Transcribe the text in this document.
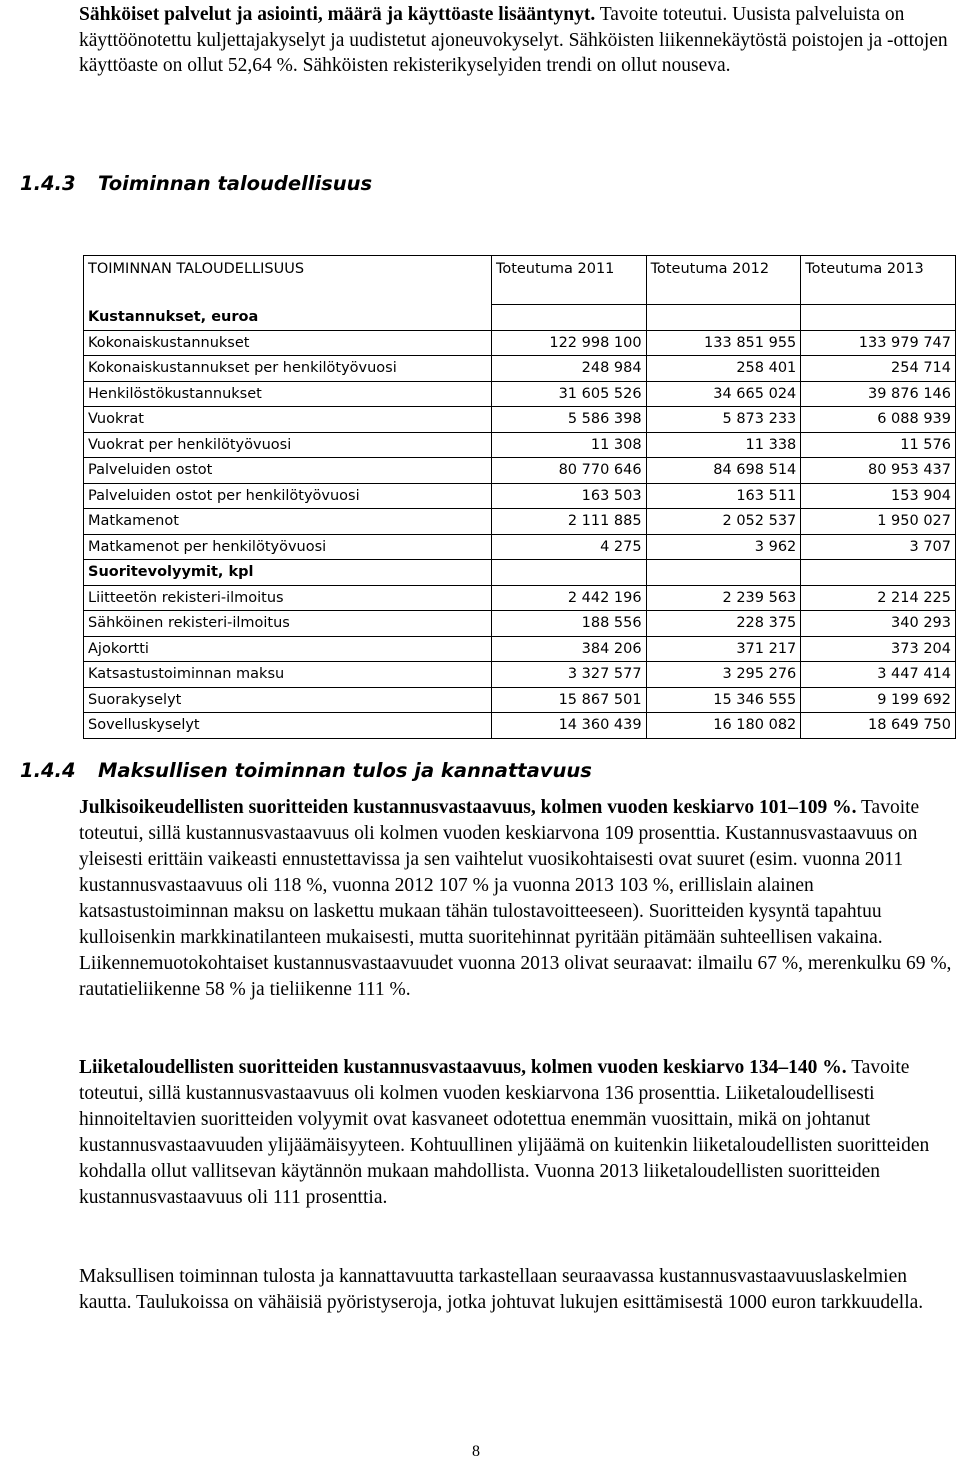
Sähköiset palvelut ja asiointi, määrä ja käyttöaste lisääntynyt. Tavoite toteutui. Uusista palveluista on käyttöönotettu kuljettajakyselyt ja uudistetut ajoneuvokyselyt. Sähköisten liikennekäytöstä poistojen ja -ottojen käyttöaste on ollut 52,64 %. Sähköisten rekisterikyselyiden trendi on ollut nouseva.
1.4.3 Toiminnan taloudellisuus
TOIMINNAN TALOUDELLISUUS	Toteutuma 2011	Toteutuma 2012	Toteutuma 2013
Kustannukset, euroa			
Kokonaiskustannukset	122 998 100	133 851 955	133 979 747
Kokonaiskustannukset per henkilötyövuosi	248 984	258 401	254 714
Henkilöstökustannukset	31 605 526	34 665 024	39 876 146
Vuokrat	5 586 398	5 873 233	6 088 939
Vuokrat per henkilötyövuosi	11 308	11 338	11 576
Palveluiden ostot	80 770 646	84 698 514	80 953 437
Palveluiden ostot per henkilötyövuosi	163 503	163 511	153 904
Matkamenot	2 111 885	2 052 537	1 950 027
Matkamenot per henkilötyövuosi	4 275	3 962	3 707
Suoritevolyymit, kpl			
Liitteetön rekisteri-ilmoitus	2 442 196	2 239 563	2 214 225
Sähköinen rekisteri-ilmoitus	188 556	228 375	340 293
Ajokortti	384 206	371 217	373 204
Katsastustoiminnan maksu	3 327 577	3 295 276	3 447 414
Suorakyselyt	15 867 501	15 346 555	9 199 692
Sovelluskyselyt	14 360 439	16 180 082	18 649 750
1.4.4 Maksullisen toiminnan tulos ja kannattavuus
Julkisoikeudellisten suoritteiden kustannusvastaavuus, kolmen vuoden keskiarvo 101–109 %. Tavoite toteutui, sillä kustannusvastaavuus oli kolmen vuoden keskiarvona 109 prosenttia. Kustannusvastaavuus on yleisesti erittäin vaikeasti ennustettavissa ja sen vaihtelut vuosikohtaisesti ovat suuret (esim. vuonna 2011 kustannusvastaavuus oli 118 %, vuonna 2012 107 % ja vuonna 2013 103 %, erillislain alainen katsastustoiminnan maksu on laskettu mukaan tähän tulostavoitteeseen). Suoritteiden kysyntä tapahtuu kulloisenkin markkinatilanteen mukaisesti, mutta suoritehinnat pyritään pitämään suhteellisen vakaina. Liikennemuotokohtaiset kustannusvastaavuudet vuonna 2013 olivat seuraavat: ilmailu 67 %, merenkulku 69 %, rautatieliikenne 58 % ja tieliikenne 111 %.
Liiketaloudellisten suoritteiden kustannusvastaavuus, kolmen vuoden keskiarvo 134–140 %. Tavoite toteutui, sillä kustannusvastaavuus oli kolmen vuoden keskiarvona 136 prosenttia. Liiketaloudellisesti hinnoiteltavien suoritteiden volyymit ovat kasvaneet odotettua enemmän vuosittain, mikä on johtanut kustannusvastaavuuden ylijäämäisyyteen. Kohtuullinen ylijäämä on kuitenkin liiketaloudellisten suoritteiden kohdalla ollut vallitsevan käytännön mukaan mahdollista. Vuonna 2013 liiketaloudellisten suoritteiden kustannusvastaavuus oli 111 prosenttia.
Maksullisen toiminnan tulosta ja kannattavuutta tarkastellaan seuraavassa kustannusvastaavuuslaskelmien kautta. Taulukoissa on vähäisiä pyöristyseroja, jotka johtuvat lukujen esittämisestä 1000 euron tarkkuudella.
8
